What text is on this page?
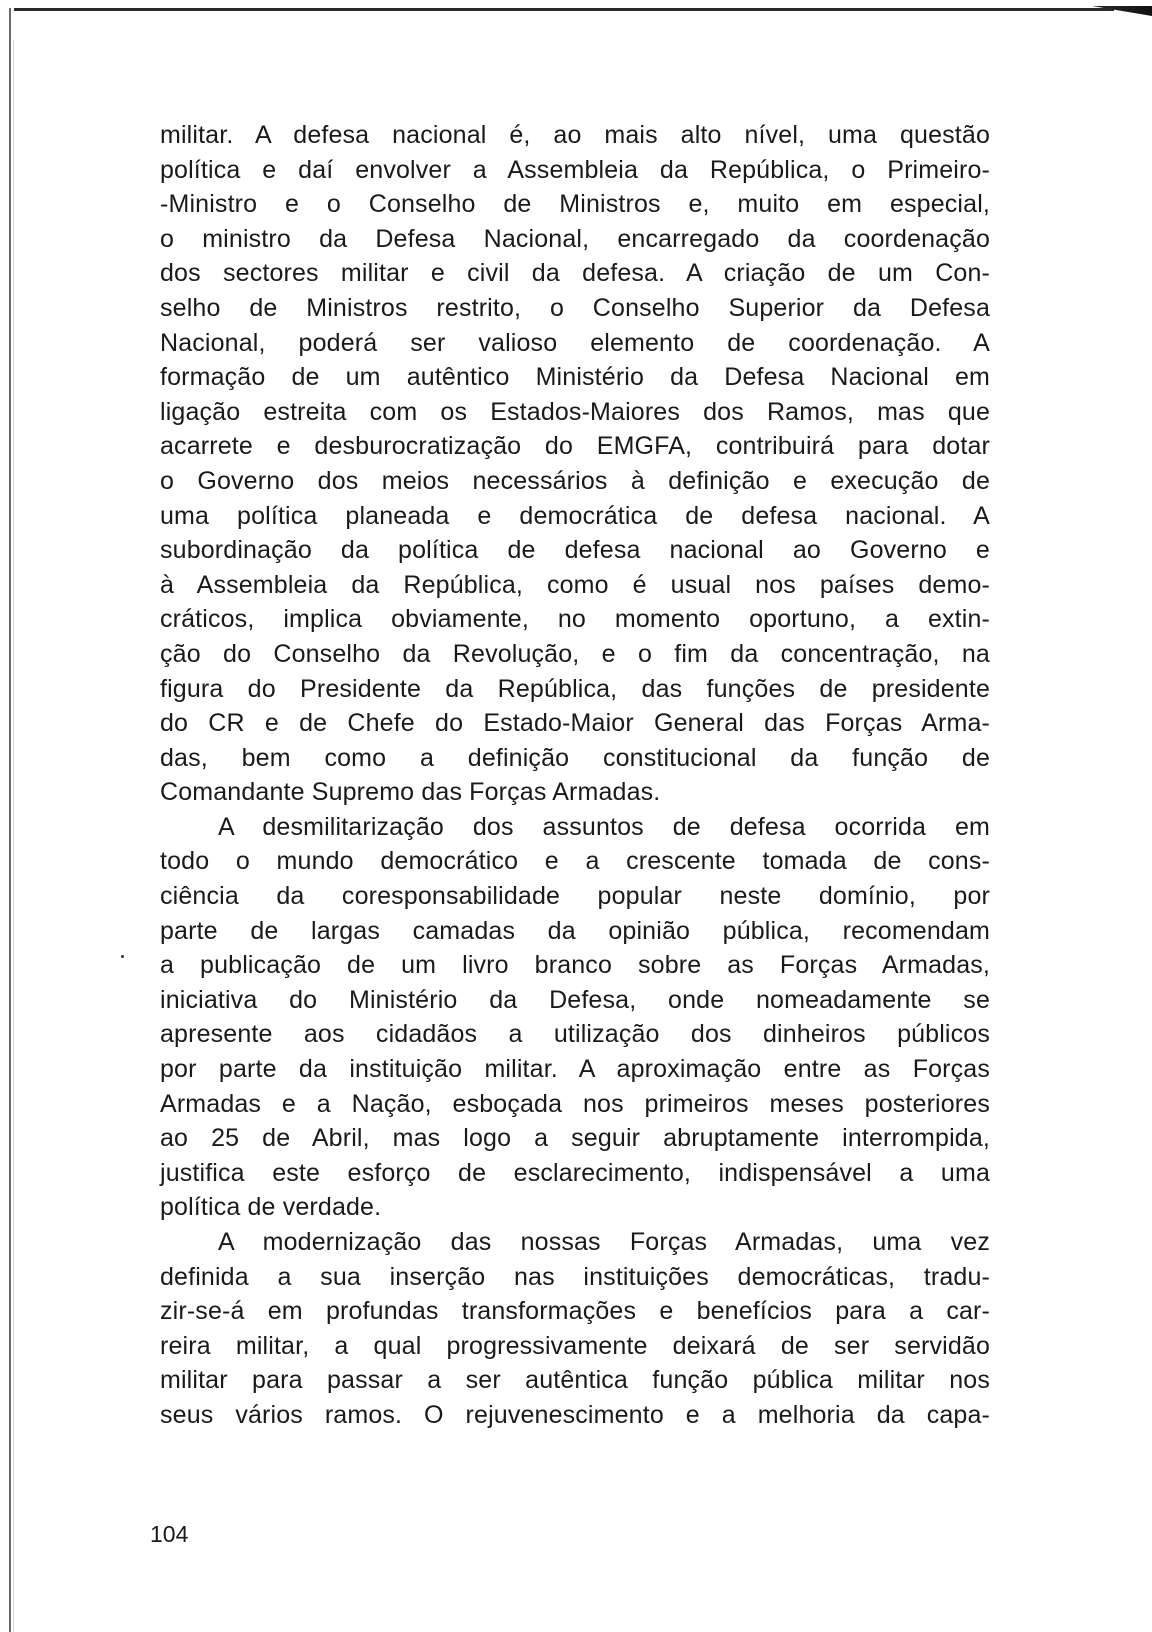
militar. A defesa nacional é, ao mais alto nível, uma questão
política e daí envolver a Assembleia da República, o Primeiro-
-Ministro e o Conselho de Ministros e, muito em especial,
o ministro da Defesa Nacional, encarregado da coordenação
dos sectores militar e civil da defesa. A criação de um Con-
selho de Ministros restrito, o Conselho Superior da Defesa
Nacional, poderá ser valioso elemento de coordenação. A
formação de um autêntico Ministério da Defesa Nacional em
ligação estreita com os Estados-Maiores dos Ramos, mas que
acarrete e desburocratização do EMGFA, contribuirá para dotar
o Governo dos meios necessários à definição e execução de
uma política planeada e democrática de defesa nacional. A
subordinação da política de defesa nacional ao Governo e
à Assembleia da República, como é usual nos países demo-
cráticos, implica obviamente, no momento oportuno, a extin-
ção do Conselho da Revolução, e o fim da concentração, na
figura do Presidente da República, das funções de presidente
do CR e de Chefe do Estado-Maior General das Forças Arma-
das, bem como a definição constitucional da função de
Comandante Supremo das Forças Armadas.
A desmilitarização dos assuntos de defesa ocorrida em
todo o mundo democrático e a crescente tomada de cons-
ciência da coresponsabilidade popular neste domínio, por
parte de largas camadas da opinião pública, recomendam
a publicação de um livro branco sobre as Forças Armadas,
iniciativa do Ministério da Defesa, onde nomeadamente se
apresente aos cidadãos a utilização dos dinheiros públicos
por parte da instituição militar. A aproximação entre as Forças
Armadas e a Nação, esboçada nos primeiros meses posteriores
ao 25 de Abril, mas logo a seguir abruptamente interrompida,
justifica este esforço de esclarecimento, indispensável a uma
política de verdade.
A modernização das nossas Forças Armadas, uma vez
definida a sua inserção nas instituições democráticas, tradu-
zir-se-á em profundas transformações e benefícios para a car-
reira militar, a qual progressivamente deixará de ser servidão
militar para passar a ser autêntica função pública militar nos
seus vários ramos. O rejuvenescimento e a melhoria da capa-
104
